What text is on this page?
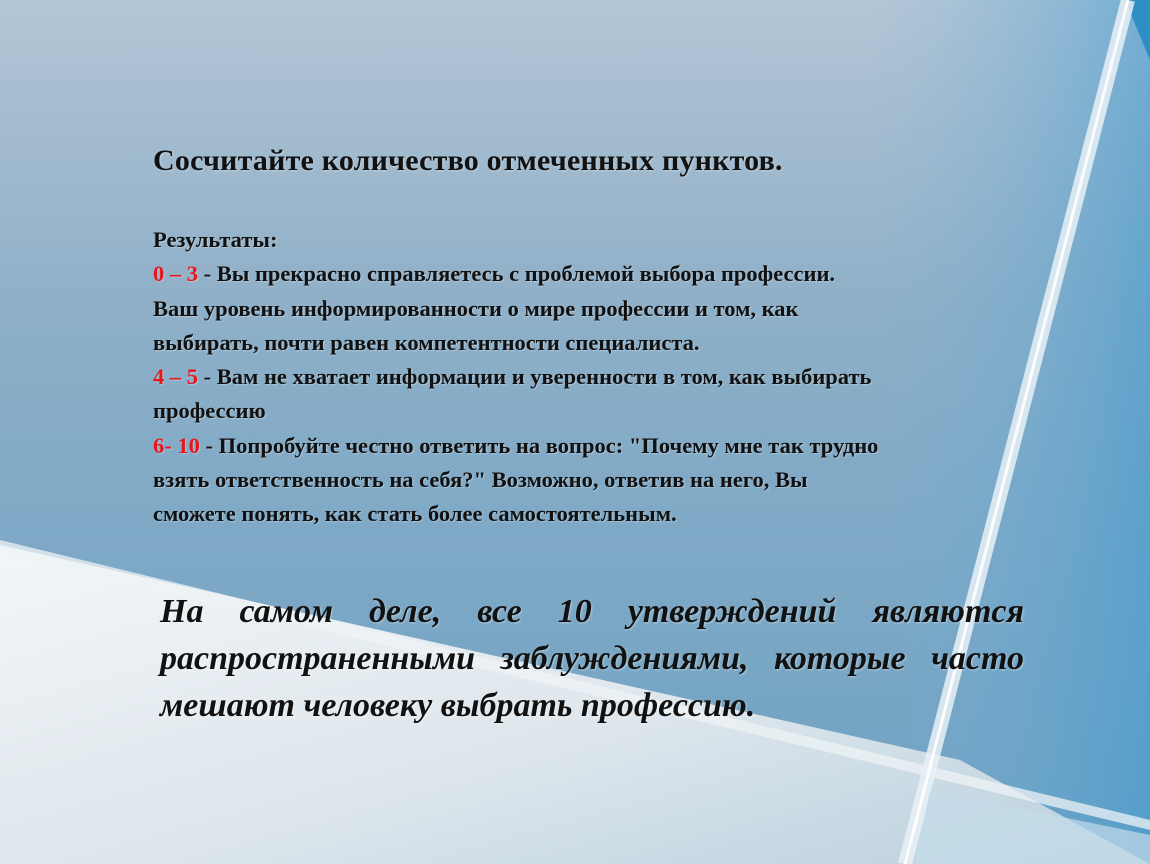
Сосчитайте количество отмеченных пунктов.
Результаты:
0 – 3 - Вы прекрасно справляетесь с проблемой выбора профессии.
Ваш уровень информированности о мире профессии и том, как
выбирать, почти равен компетентности специалиста.
4 – 5 - Вам не хватает информации и уверенности в том, как выбирать
профессию
6- 10 - Попробуйте честно ответить на вопрос: "Почему мне так трудно
взять ответственность на себя?" Возможно, ответив на него, Вы
сможете понять, как стать более самостоятельным.

На самом деле, все 10 утверждений являются распространенными заблуждениями, которые часто мешают человеку выбрать профессию.
